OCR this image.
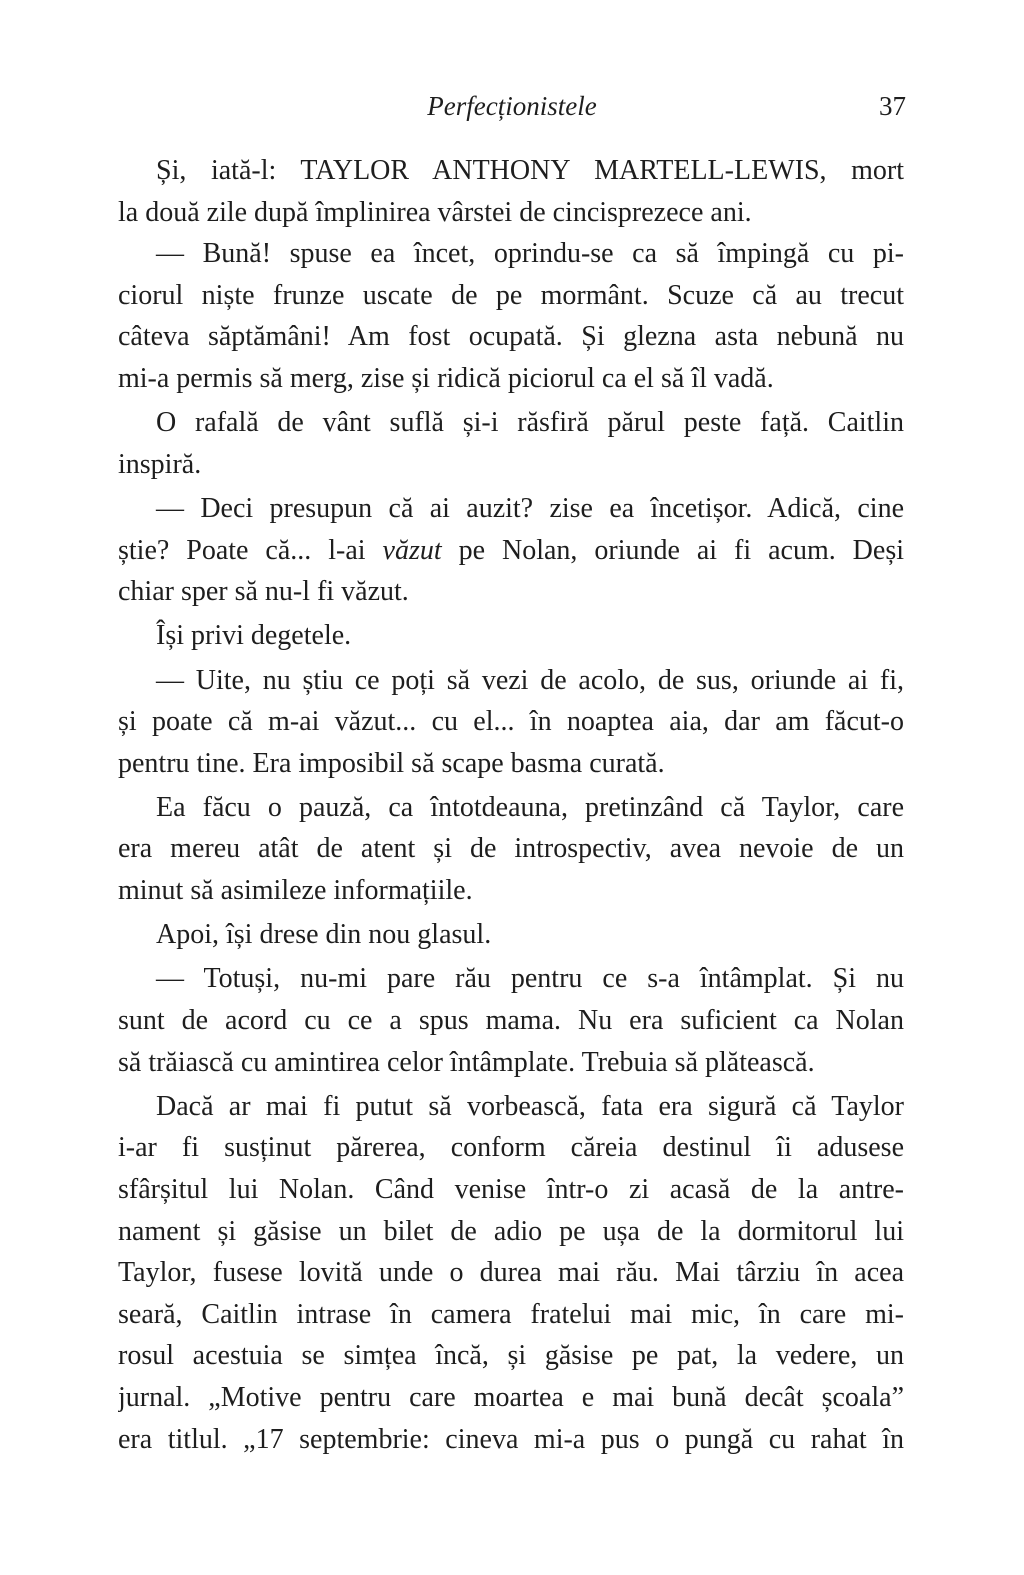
Perfecționistele	37
Și, iată-l: TAYLOR ANTHONY MARTELL-LEWIS, mort
la două zile după împlinirea vârstei de cincisprezece ani.
— Bună! spuse ea încet, oprindu-se ca să împingă cu pi-
ciorul niște frunze uscate de pe mormânt. Scuze că au trecut
câteva săptămâni! Am fost ocupată. Și glezna asta nebună nu
mi-a permis să merg, zise și ridică piciorul ca el să îl vadă.
O rafală de vânt suflă și-i răsfiră părul peste față. Caitlin
inspiră.
— Deci presupun că ai auzit? zise ea încetișor. Adică, cine
știe? Poate că... l-ai văzut pe Nolan, oriunde ai fi acum. Deși
chiar sper să nu-l fi văzut.
Își privi degetele.
— Uite, nu știu ce poți să vezi de acolo, de sus, oriunde ai fi,
și poate că m-ai văzut... cu el... în noaptea aia, dar am făcut-o
pentru tine. Era imposibil să scape basma curată.
Ea făcu o pauză, ca întotdeauna, pretinzând că Taylor, care
era mereu atât de atent și de introspectiv, avea nevoie de un
minut să asimileze informațiile.
Apoi, își drese din nou glasul.
— Totuși, nu-mi pare rău pentru ce s-a întâmplat. Și nu
sunt de acord cu ce a spus mama. Nu era suficient ca Nolan
să trăiască cu amintirea celor întâmplate. Trebuia să plătească.
Dacă ar mai fi putut să vorbească, fata era sigură că Taylor
i-ar fi susținut părerea, conform căreia destinul îi adusese
sfârșitul lui Nolan. Când venise într-o zi acasă de la antre-
nament și găsise un bilet de adio pe ușa de la dormitorul lui
Taylor, fusese lovită unde o durea mai rău. Mai târziu în acea
seară, Caitlin intrase în camera fratelui mai mic, în care mi-
rosul acestuia se simțea încă, și găsise pe pat, la vedere, un
jurnal. „Motive pentru care moartea e mai bună decât școala”
era titlul. „17 septembrie: cineva mi-a pus o pungă cu rahat în
